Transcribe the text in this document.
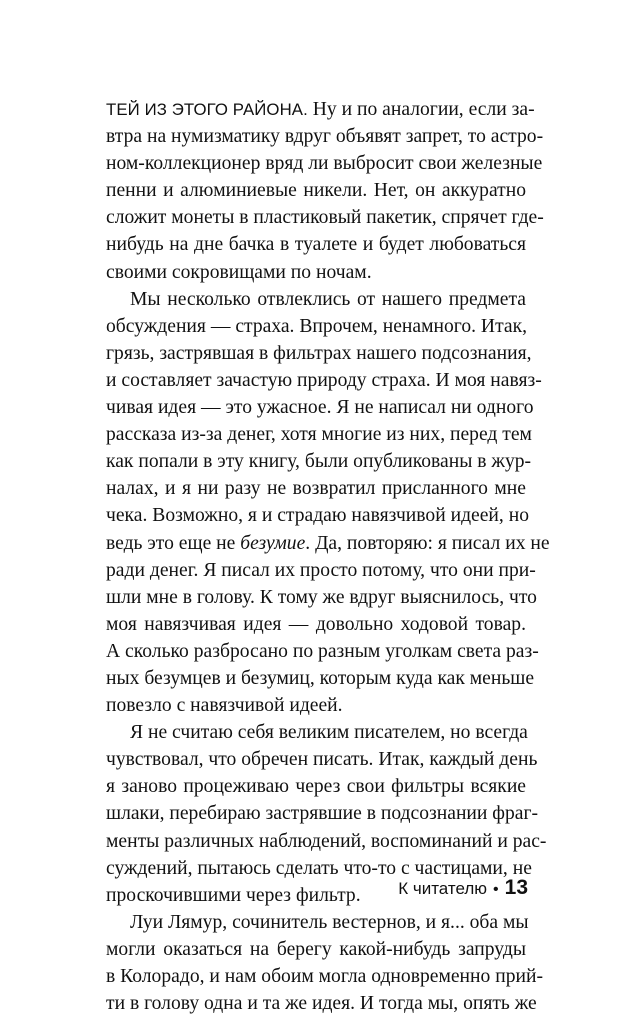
ТЕЙ ИЗ ЭТОГО РАЙОНА. Ну и по аналогии, если за-
втра на нумизматику вдруг объявят запрет, то астро-
ном-коллекционер вряд ли выбросит свои железные
пенни и алюминиевые никели. Нет, он аккуратно
сложит монеты в пластиковый пакетик, спрячет где-
нибудь на дне бачка в туалете и будет любоваться
своими сокровищами по ночам.
Мы несколько отвлеклись от нашего предмета
обсуждения — страха. Впрочем, ненамного. Итак,
грязь, застрявшая в фильтрах нашего подсознания,
и составляет зачастую природу страха. И моя навяз-
чивая идея — это ужасное. Я не написал ни одного
рассказа из-за денег, хотя многие из них, перед тем
как попали в эту книгу, были опубликованы в жур-
налах, и я ни разу не возвратил присланного мне
чека. Возможно, я и страдаю навязчивой идеей, но
ведь это еще не безумие. Да, повторяю: я писал их не
ради денег. Я писал их просто потому, что они при-
шли мне в голову. К тому же вдруг выяснилось, что
моя навязчивая идея — довольно ходовой товар.
А сколько разбросано по разным уголкам света раз-
ных безумцев и безумиц, которым куда как меньше
повезло с навязчивой идеей.
Я не считаю себя великим писателем, но всегда
чувствовал, что обречен писать. Итак, каждый день
я заново процеживаю через свои фильтры всякие
шлаки, перебираю застрявшие в подсознании фраг-
менты различных наблюдений, воспоминаний и рас-
суждений, пытаюсь сделать что-то с частицами, не
проскочившими через фильтр.
Луи Лямур, сочинитель вестернов, и я... оба мы
могли оказаться на берегу какой-нибудь запруды
в Колорадо, и нам обоим могла одновременно прий-
ти в голову одна и та же идея. И тогда мы, опять же
К читателю • 13
